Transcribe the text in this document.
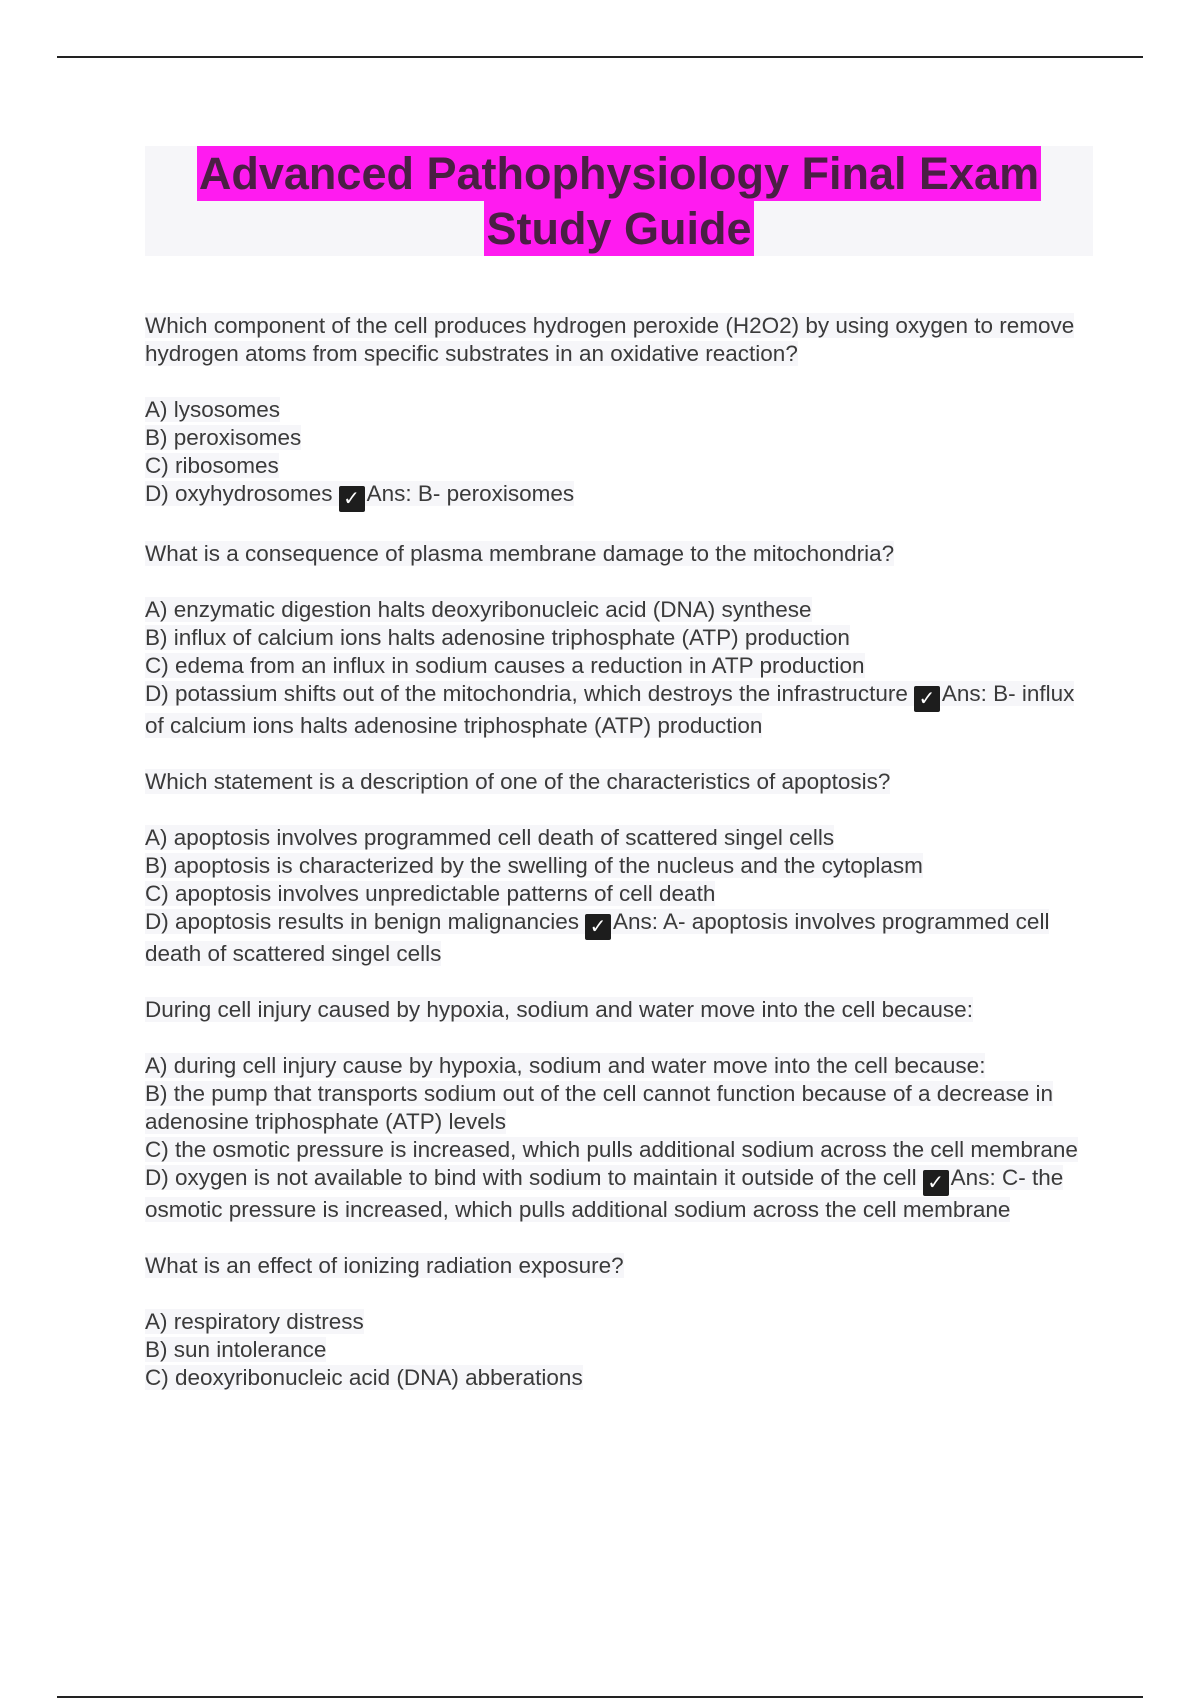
Advanced Pathophysiology Final Exam
Study Guide

Which component of the cell produces hydrogen peroxide (H2O2) by using oxygen to remove hydrogen atoms from specific substrates in an oxidative reaction?

A) lysosomes
B) peroxisomes
C) ribosomes
D) oxyhydrosomes ✓ Ans: B- peroxisomes

What is a consequence of plasma membrane damage to the mitochondria?

A) enzymatic digestion halts deoxyribonucleic acid (DNA) synthese
B) influx of calcium ions halts adenosine triphosphate (ATP) production
C) edema from an influx in sodium causes a reduction in ATP production
D) potassium shifts out of the mitochondria, which destroys the infrastructure ✓ Ans: B- influx of calcium ions halts adenosine triphosphate (ATP) production

Which statement is a description of one of the characteristics of apoptosis?

A) apoptosis involves programmed cell death of scattered singel cells
B) apoptosis is characterized by the swelling of the nucleus and the cytoplasm
C) apoptosis involves unpredictable patterns of cell death
D) apoptosis results in benign malignancies ✓ Ans: A- apoptosis involves programmed cell death of scattered singel cells

During cell injury caused by hypoxia, sodium and water move into the cell because:

A) during cell injury cause by hypoxia, sodium and water move into the cell because:
B) the pump that transports sodium out of the cell cannot function because of a decrease in adenosine triphosphate (ATP) levels
C) the osmotic pressure is increased, which pulls additional sodium across the cell membrane
D) oxygen is not available to bind with sodium to maintain it outside of the cell ✓ Ans: C- the osmotic pressure is increased, which pulls additional sodium across the cell membrane

What is an effect of ionizing radiation exposure?

A) respiratory distress
B) sun intolerance
C) deoxyribonucleic acid (DNA) abberations
